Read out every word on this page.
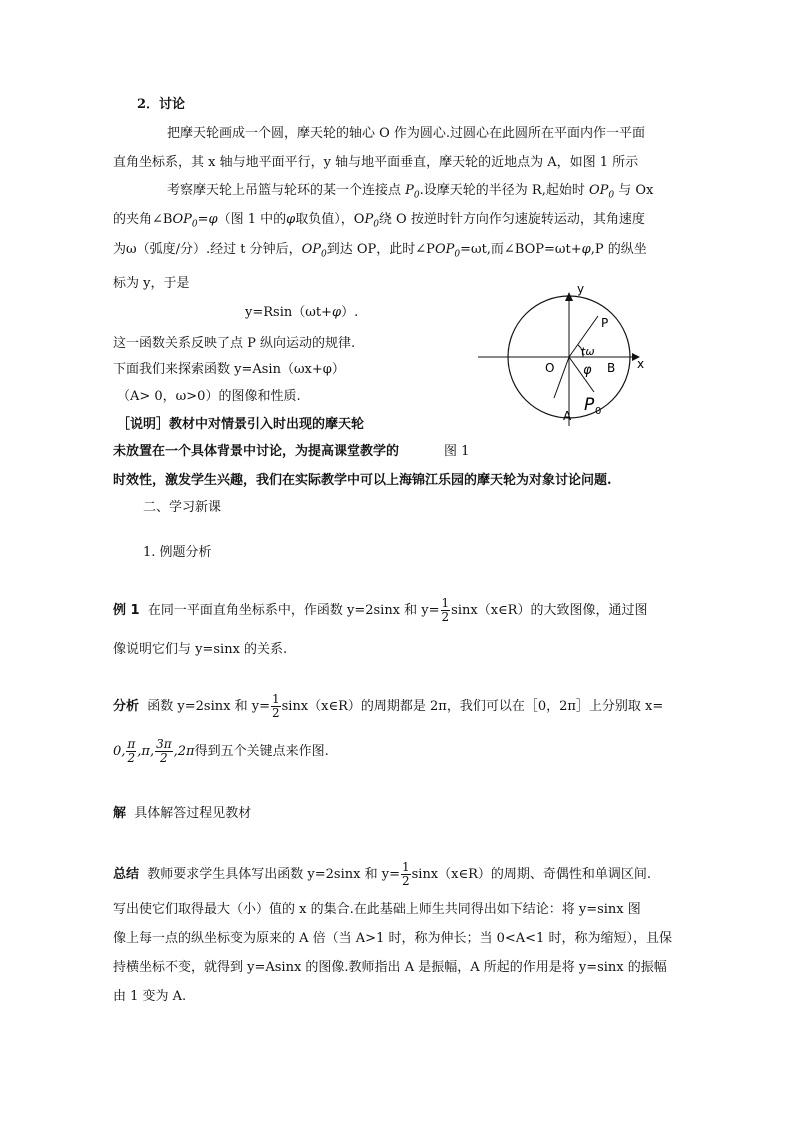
2．讨论
把摩天轮画成一个圆，摩天轮的轴心 O 作为圆心.过圆心在此圆所在平面内作一平面
直角坐标系，其 x 轴与地平面平行，y 轴与地平面垂直，摩天轮的近地点为 A，如图 1 所示
考察摩天轮上吊篮与轮环的某一个连接点 $P_0$.设摩天轮的半径为 R,起始时 $OP_0$ 与 Ox
的夹角$\angle BOP_0=\varphi$（图 1 中的φ取负值），$OP_0$绕 O 按逆时针方向作匀速旋转运动，其角速度
为ω（弧度/分）.经过 t 分钟后，$OP_0$到达 OP，此时$\angle POP_0=\omega t$,而∠BOP=ωt+φ,P 的纵坐
标为 y，于是
y=Rsin（ωt+φ）.
这一函数关系反映了点 P 纵向运动的规律.
下面我们来探索函数 y=Asin（ωx+φ）
（A> 0，ω>0）的图像和性质.
［说明］教材中对情景引入时出现的摩天轮
未放置在一个具体背景中讨论，为提高课堂教学的	图 1
时效性，激发学生兴趣，我们在实际教学中可以上海锦江乐园的摩天轮为对象讨论问题.
y
x
P
O	B
A
P 0
tω
φ
二、学习新课
1. 例题分析
例 1 在同一平面直角坐标系中，作函数 y=2sinx 和 $y= \frac{1}{2}$ sinx（x∈R）的大致图像，通过图
像说明它们与 y=sinx 的关系.
分析 函数 y=2sinx 和 $y= \frac{1}{2}$ sinx（x∈R）的周期都是 2π，我们可以在［0，2π］上分别取 x=
0, $\frac{\pi}{2} ,\pi$, $\frac{3\pi}{2} ,2\pi$得到五个关键点来作图.
解 具体解答过程见教材
总结 教师要求学生具体写出函数 y=2sinx 和 $y= \frac{1}{2}$ sinx（x∈R）的周期、奇偶性和单调区间.
写出使它们取得最大（小）值的 x 的集合.在此基础上师生共同得出如下结论：将 y=sinx 图
像上每一点的纵坐标变为原来的 A 倍（当 A>1 时，称为伸长；当 0<A<1 时，称为缩短），且保
持横坐标不变，就得到 y=Asinx 的图像.教师指出 A 是振幅，A 所起的作用是将 y=sinx 的振幅
由 1 变为 A.
